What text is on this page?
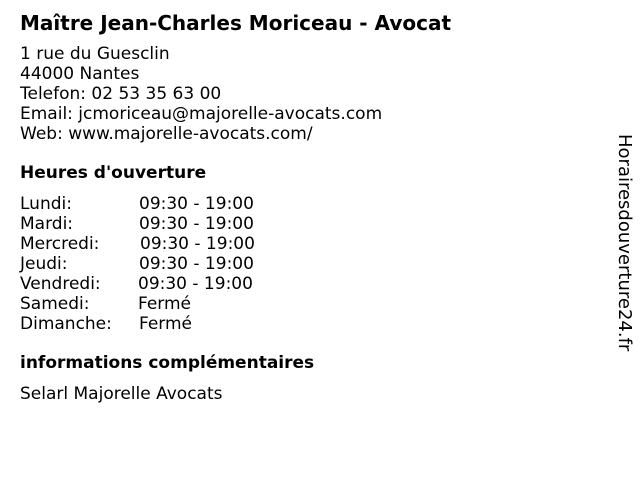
Maître Jean-Charles Moriceau - Avocat
1 rue du Guesclin
44000 Nantes
Telefon: 02 53 35 63 00
Email: jcmoriceau@majorelle-avocats.com
Web: www.majorelle-avocats.com/
Heures d'ouverture
Lundi:	09:30 - 19:00
Mardi:	09:30 - 19:00
Mercredi: 09:30 - 19:00
Jeudi:	09:30 - 19:00
Vendredi: 09:30 - 19:00
Samedi:	Fermé
Dimanche: Fermé
informations complémentaires
Selarl Majorelle Avocats
Horairesdouverture24.fr
